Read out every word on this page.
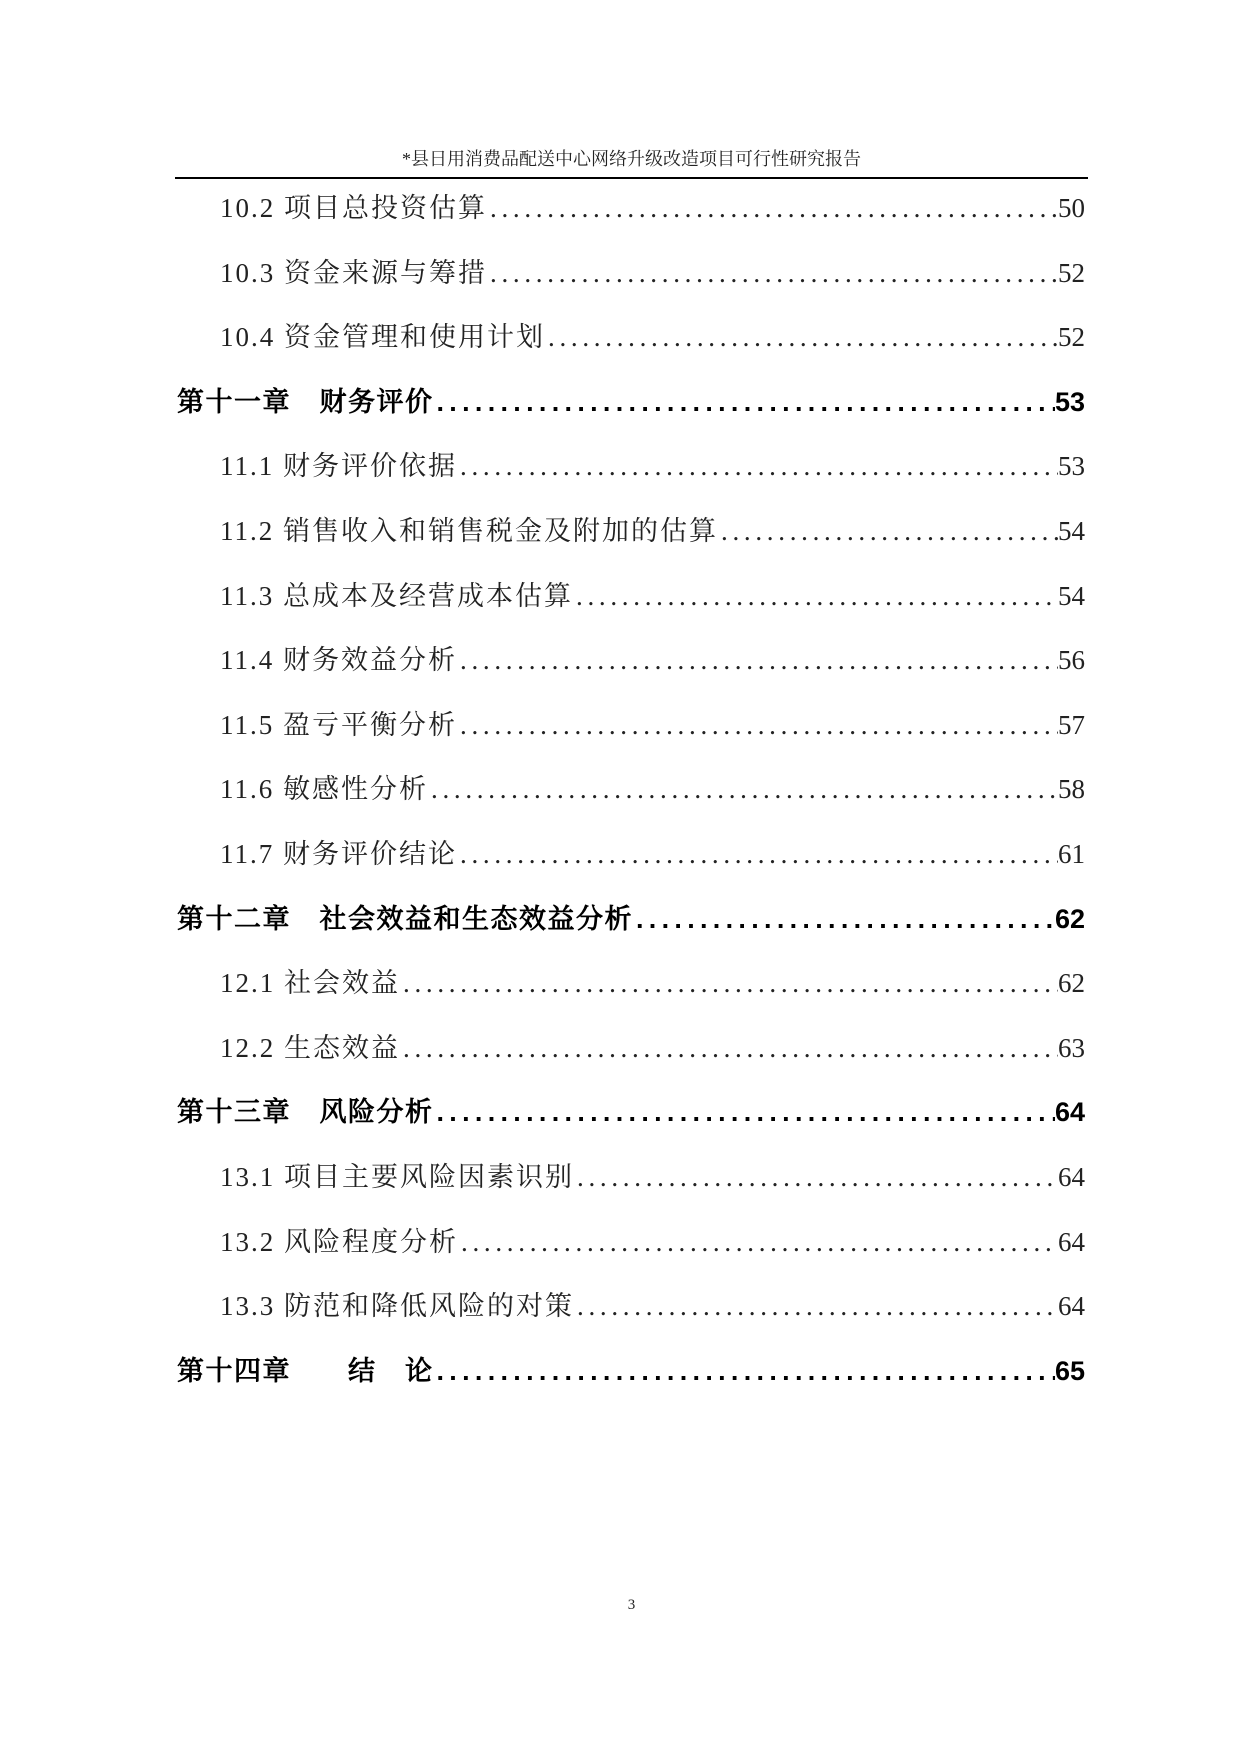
*县日用消费品配送中心网络升级改造项目可行性研究报告
10.2 项目总投资估算 .....	50
10.3 资金来源与筹措 .....	52
10.4 资金管理和使用计划 .....	52
第十一章　财务评价 .....	53
11.1 财务评价依据 .....	53
11.2 销售收入和销售税金及附加的估算 .....	54
11.3 总成本及经营成本估算 .....	54
11.4 财务效益分析 .....	56
11.5 盈亏平衡分析 .....	57
11.6 敏感性分析 .....	58
11.7 财务评价结论 .....	61
第十二章　社会效益和生态效益分析 .....	62
12.1 社会效益 .....	62
12.2 生态效益 .....	63
第十三章　风险分析 .....	64
13.1 项目主要风险因素识别 .....	64
13.2 风险程度分析 .....	64
13.3 防范和降低风险的对策 .....	64
第十四章　　结　论 .....	65
3
